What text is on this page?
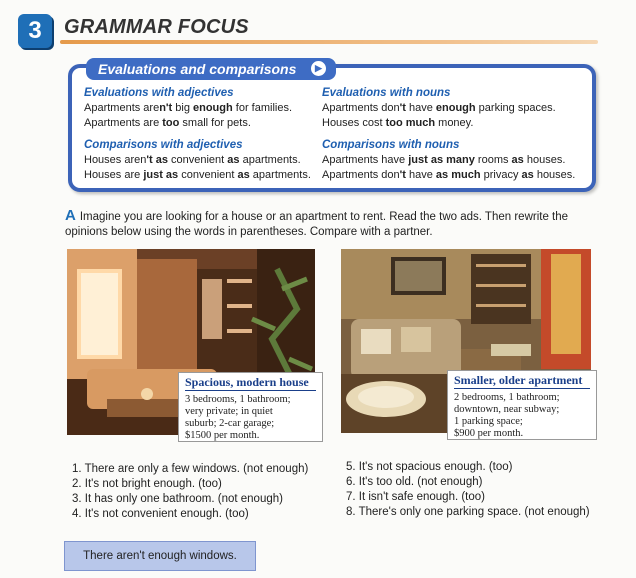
3	GRAMMAR FOCUS
Evaluations and comparisons	▶
Evaluations with adjectives
Apartments aren't big enough for families.
Apartments are too small for pets.
Evaluations with nouns
Apartments don't have enough parking spaces.
Houses cost too much money.
Comparisons with adjectives
Houses aren't as convenient as apartments.
Houses are just as convenient as apartments.
Comparisons with nouns
Apartments have just as many rooms as houses.
Apartments don't have as much privacy as houses.
A Imagine you are looking for a house or an apartment to rent. Read the two ads. Then rewrite the opinions below using the words in parentheses. Compare with a partner.
Spacious, modern house
3 bedrooms, 1 bathroom;
very private; in quiet
suburb; 2-car garage;
$1500 per month.
Smaller, older apartment
2 bedrooms, 1 bathroom;
downtown, near subway;
1 parking space;
$900 per month.
1. There are only a few windows. (not enough)
2. It's not bright enough. (too)
3. It has only one bathroom. (not enough)
4. It's not convenient enough. (too)
5. It's not spacious enough. (too)
6. It's too old. (not enough)
7. It isn't safe enough. (too)
8. There's only one parking space. (not enough)
There aren't enough windows.
